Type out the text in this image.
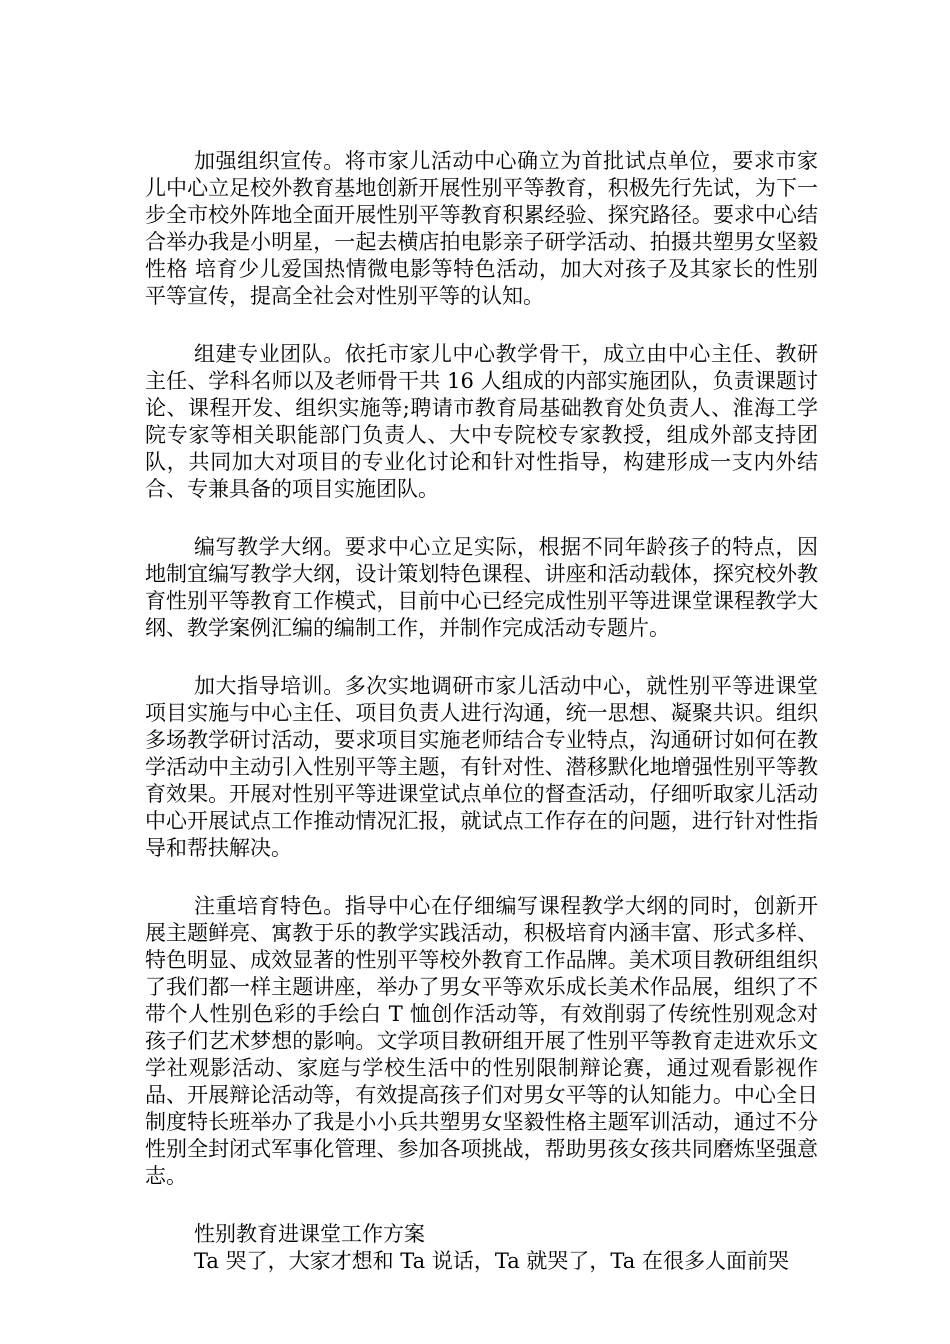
加强组织宣传。将市家儿活动中心确立为首批试点单位，要求市家儿中心立足校外教育基地创新开展性别平等教育，积极先行先试，为下一步全市校外阵地全面开展性别平等教育积累经验、探究路径。要求中心结合举办我是小明星，一起去横店拍电影亲子研学活动、拍摄共塑男女坚毅性格 培育少儿爱国热情微电影等特色活动，加大对孩子及其家长的性别平等宣传，提高全社会对性别平等的认知。

组建专业团队。依托市家儿中心教学骨干，成立由中心主任、教研主任、学科名师以及老师骨干共 16 人组成的内部实施团队，负责课题讨论、课程开发、组织实施等;聘请市教育局基础教育处负责人、淮海工学院专家等相关职能部门负责人、大中专院校专家教授，组成外部支持团队，共同加大对项目的专业化讨论和针对性指导，构建形成一支内外结合、专兼具备的项目实施团队。

编写教学大纲。要求中心立足实际，根据不同年龄孩子的特点，因地制宜编写教学大纲，设计策划特色课程、讲座和活动载体，探究校外教育性别平等教育工作模式，目前中心已经完成性别平等进课堂课程教学大纲、教学案例汇编的编制工作，并制作完成活动专题片。

加大指导培训。多次实地调研市家儿活动中心，就性别平等进课堂项目实施与中心主任、项目负责人进行沟通，统一思想、凝聚共识。组织多场教学研讨活动，要求项目实施老师结合专业特点，沟通研讨如何在教学活动中主动引入性别平等主题，有针对性、潜移默化地增强性别平等教育效果。开展对性别平等进课堂试点单位的督查活动，仔细听取家儿活动中心开展试点工作推动情况汇报，就试点工作存在的问题，进行针对性指导和帮扶解决。

注重培育特色。指导中心在仔细编写课程教学大纲的同时，创新开展主题鲜亮、寓教于乐的教学实践活动，积极培育内涵丰富、形式多样、特色明显、成效显著的性别平等校外教育工作品牌。美术项目教研组组织了我们都一样主题讲座，举办了男女平等欢乐成长美术作品展，组织了不带个人性别色彩的手绘白 T 恤创作活动等，有效削弱了传统性别观念对孩子们艺术梦想的影响。文学项目教研组开展了性别平等教育走进欢乐文学社观影活动、家庭与学校生活中的性别限制辩论赛，通过观看影视作品、开展辩论活动等，有效提高孩子们对男女平等的认知能力。中心全日制度特长班举办了我是小小兵共塑男女坚毅性格主题军训活动，通过不分性别全封闭式军事化管理、参加各项挑战，帮助男孩女孩共同磨炼坚强意志。

性别教育进课堂工作方案

Ta 哭了，大家才想和 Ta 说话，Ta 就哭了，Ta 在很多人面前哭
